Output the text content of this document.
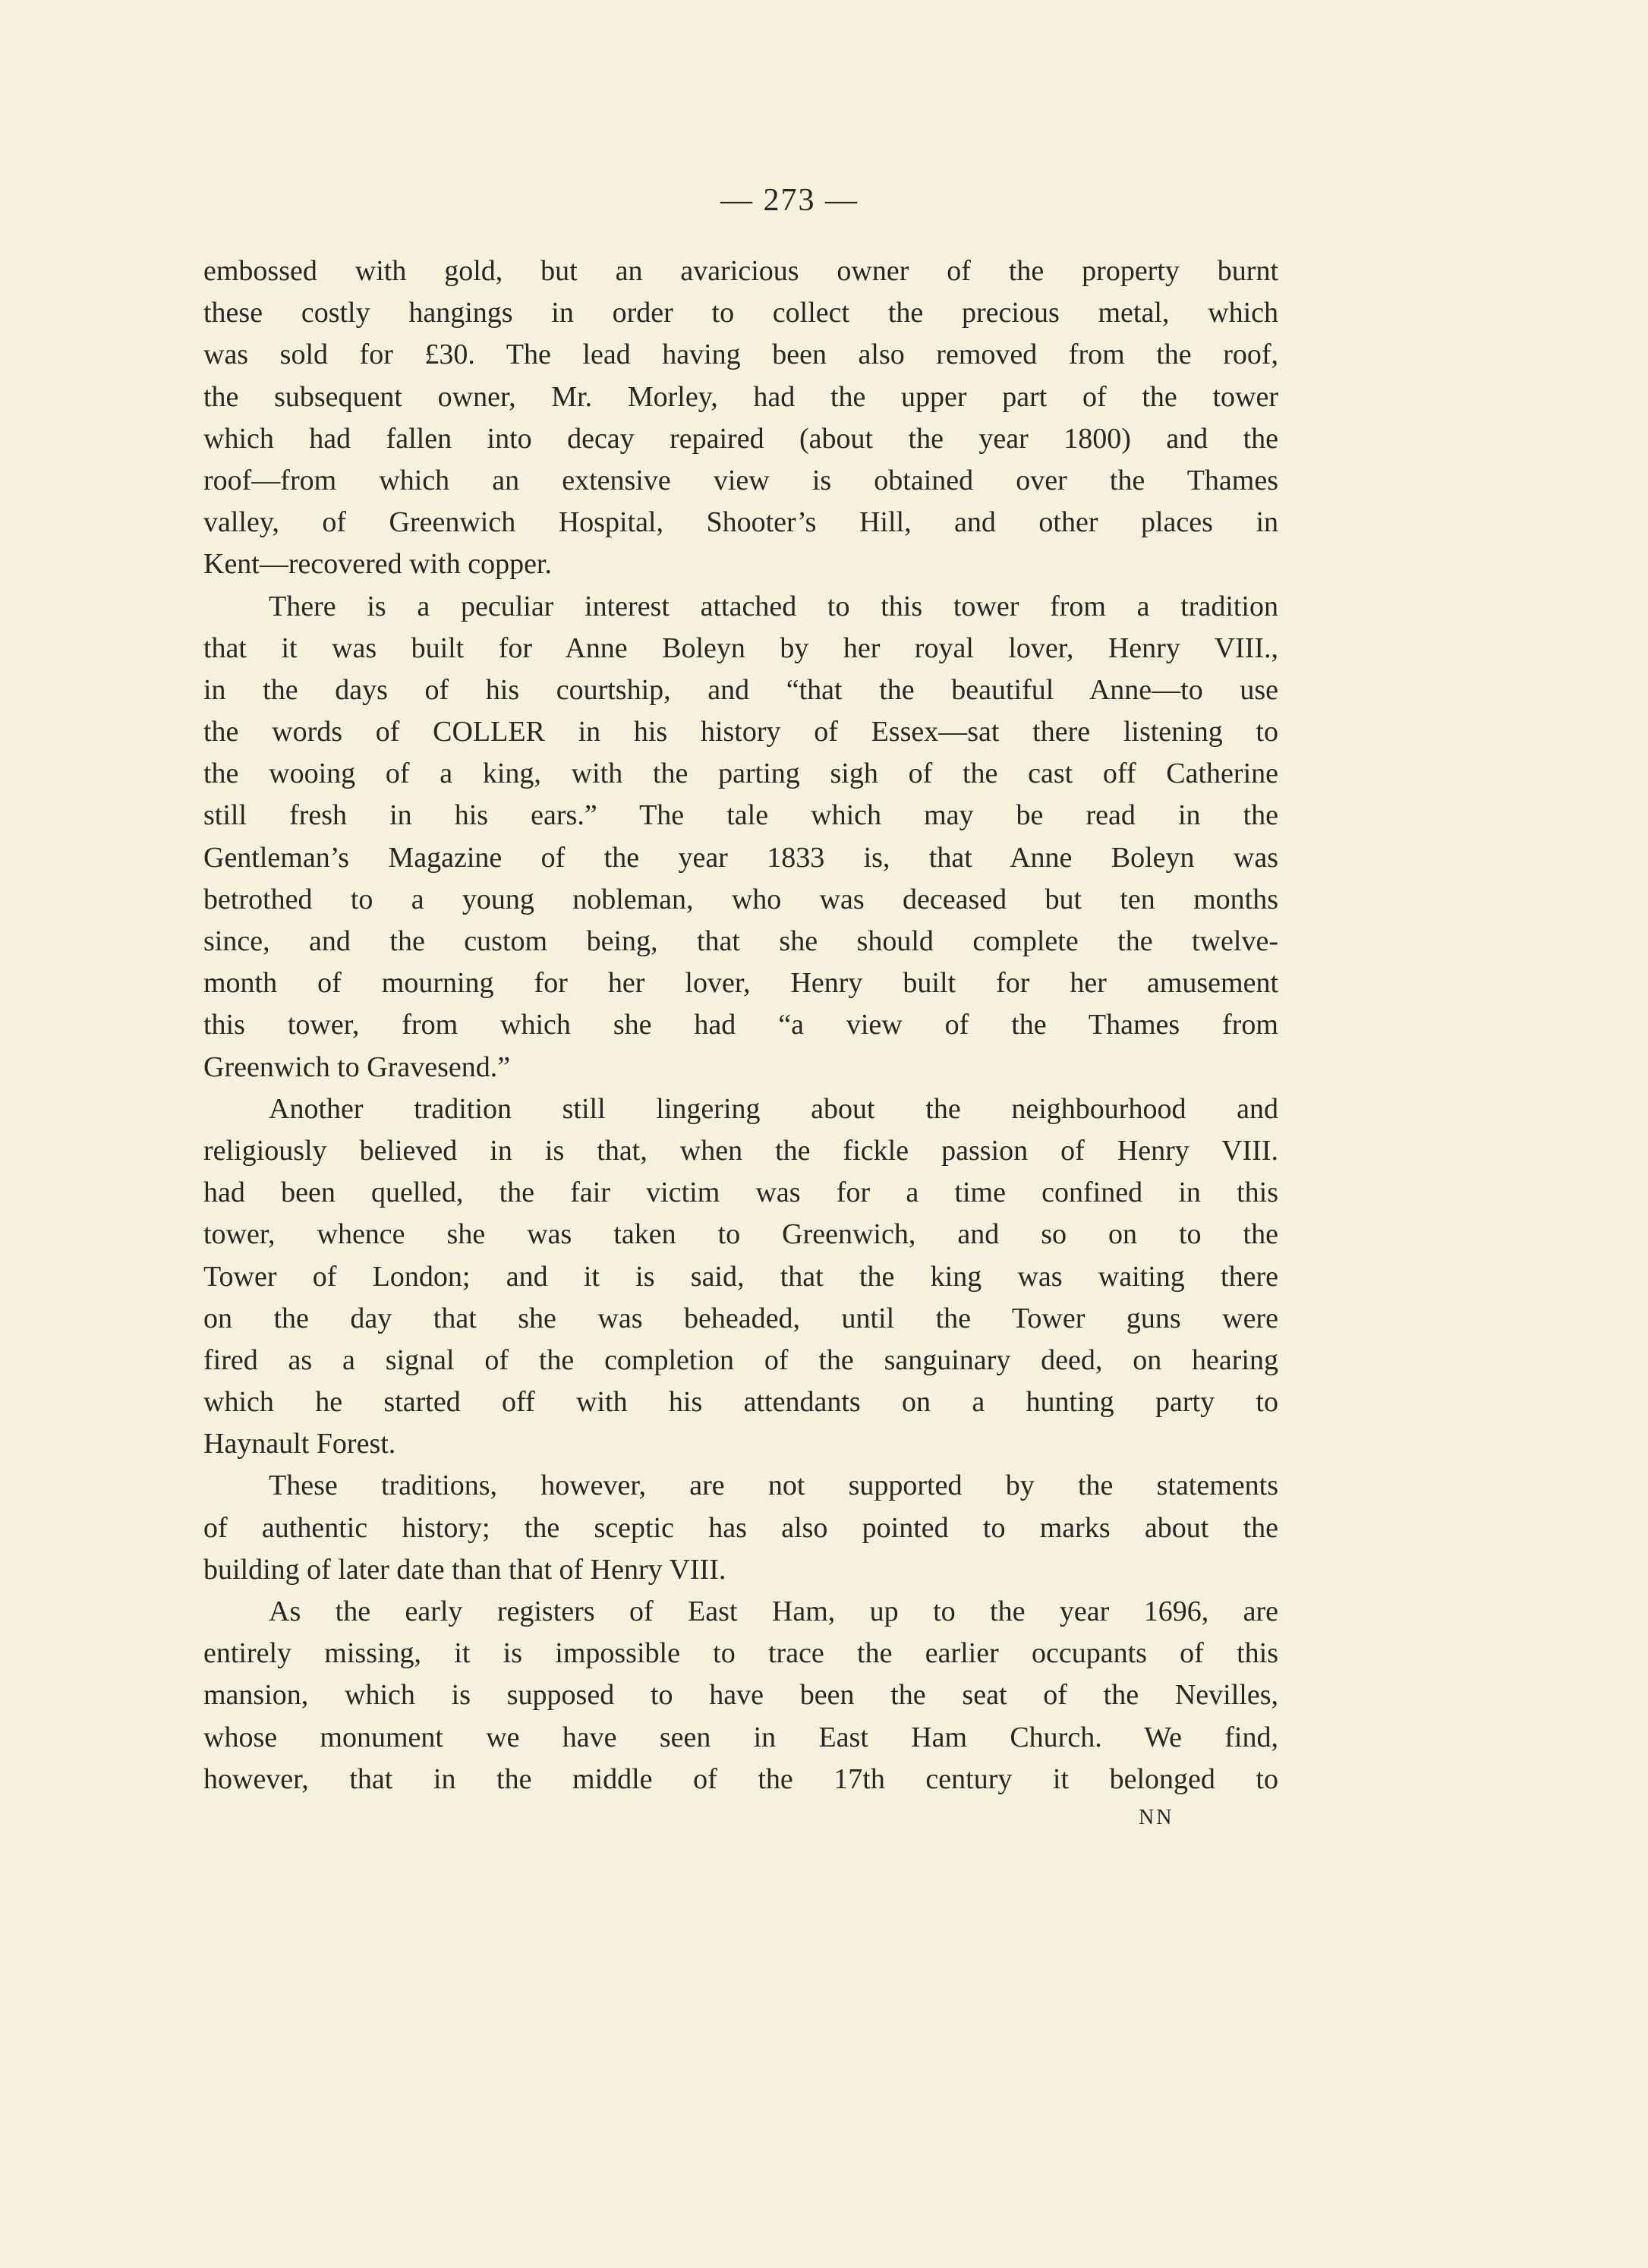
— 273 —
embossed with gold, but an avaricious owner of the property burnt
these costly hangings in order to collect the precious metal, which
was sold for £30. The lead having been also removed from the roof,
the subsequent owner, Mr. Morley, had the upper part of the tower
which had fallen into decay repaired (about the year 1800) and the
roof—from which an extensive view is obtained over the Thames
valley, of Greenwich Hospital, Shooter’s Hill, and other places in
Kent—recovered with copper.
There is a peculiar interest attached to this tower from a tradition
that it was built for Anne Boleyn by her royal lover, Henry VIII.,
in the days of his courtship, and “that the beautiful Anne—to use
the words of COLLER in his history of Essex—sat there listening to
the wooing of a king, with the parting sigh of the cast off Catherine
still fresh in his ears.” The tale which may be read in the
Gentleman’s Magazine of the year 1833 is, that Anne Boleyn was
betrothed to a young nobleman, who was deceased but ten months
since, and the custom being, that she should complete the twelve-
month of mourning for her lover, Henry built for her amusement
this tower, from which she had “a view of the Thames from
Greenwich to Gravesend.”
Another tradition still lingering about the neighbourhood and
religiously believed in is that, when the fickle passion of Henry VIII.
had been quelled, the fair victim was for a time confined in this
tower, whence she was taken to Greenwich, and so on to the
Tower of London; and it is said, that the king was waiting there
on the day that she was beheaded, until the Tower guns were
fired as a signal of the completion of the sanguinary deed, on hearing
which he started off with his attendants on a hunting party to
Haynault Forest.
These traditions, however, are not supported by the statements
of authentic history; the sceptic has also pointed to marks about the
building of later date than that of Henry VIII.
As the early registers of East Ham, up to the year 1696, are
entirely missing, it is impossible to trace the earlier occupants of this
mansion, which is supposed to have been the seat of the Nevilles,
whose monument we have seen in East Ham Church. We find,
however, that in the middle of the 17th century it belonged to
NN
